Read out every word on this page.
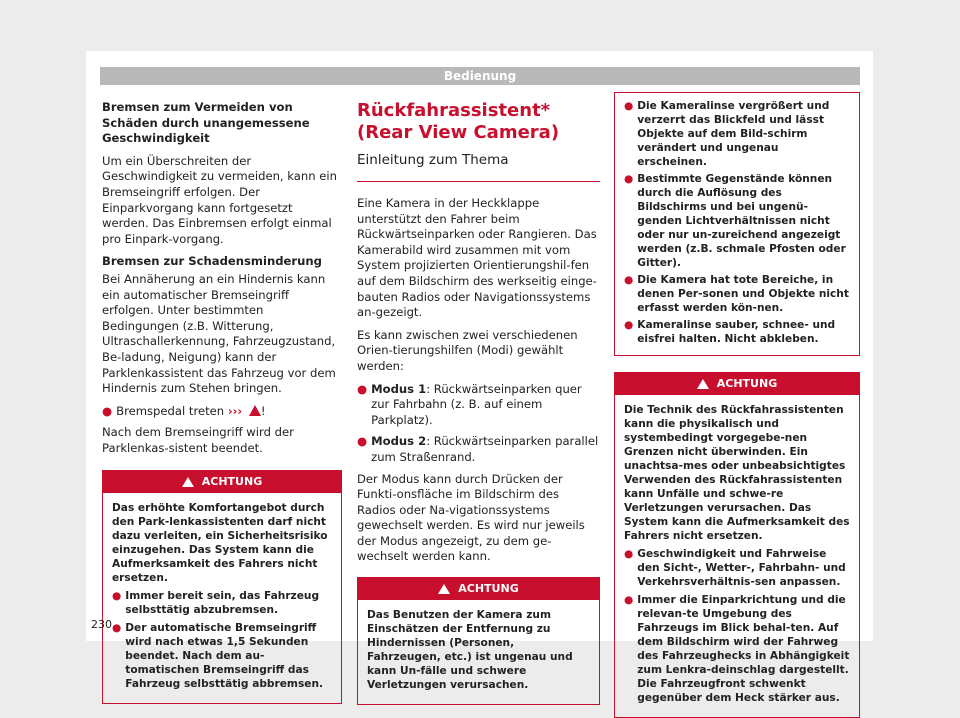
Bedienung

Bremsen zum Vermeiden von Schäden durch unangemessene Geschwindigkeit

Um ein Überschreiten der Geschwindigkeit zu vermeiden, kann ein Bremseingriff erfolgen. Der Einparkvorgang kann fortgesetzt werden. Das Einbremsen erfolgt einmal pro Einpark-vorgang.

Bremsen zur Schadensminderung

Bei Annäherung an ein Hindernis kann ein automatischer Bremseingriff erfolgen. Unter bestimmten Bedingungen (z.B. Witterung, Ultraschallerkennung, Fahrzeugzustand, Be-ladung, Neigung) kann der Parklenkassistent das Fahrzeug vor dem Hindernis zum Stehen bringen.

● Bremspedal treten ››› !

Nach dem Bremseingriff wird der Parklenkas-sistent beendet.

ACHTUNG

Das erhöhte Komfortangebot durch den Park-lenkassistenten darf nicht dazu verleiten, ein Sicherheitsrisiko einzugehen. Das System kann die Aufmerksamkeit des Fahrers nicht ersetzen.

● Immer bereit sein, das Fahrzeug selbsttätig abzubremsen.
● Der automatische Bremseingriff wird nach etwas 1,5 Sekunden beendet. Nach dem au-tomatischen Bremseingriff das Fahrzeug selbsttätig abbremsen.
Rückfahrassistent* (Rear View Camera)
Einleitung zum Thema

Eine Kamera in der Heckklappe unterstützt den Fahrer beim Rückwärtseinparken oder Rangieren. Das Kamerabild wird zusammen mit vom System projizierten Orientierungshil-fen auf dem Bildschirm des werkseitig einge-bauten Radios oder Navigationssystems an-gezeigt.

Es kann zwischen zwei verschiedenen Orien-tierungshilfen (Modi) gewählt werden:

● Modus 1: Rückwärtseinparken quer zur Fahrbahn (z. B. auf einem Parkplatz).
● Modus 2: Rückwärtseinparken parallel zum Straßenrand.

Der Modus kann durch Drücken der Funkti-onsfläche im Bildschirm des Radios oder Na-vigationssystems gewechselt werden. Es wird nur jeweils der Modus angezeigt, zu dem ge-wechselt werden kann.

ACHTUNG

Das Benutzen der Kamera zum Einschätzen der Entfernung zu Hindernissen (Personen, Fahrzeugen, etc.) ist ungenau und kann Un-fälle und schwere Verletzungen verursachen.

● Die Kameralinse vergrößert und verzerrt das Blickfeld und lässt Objekte auf dem Bild-schirm verändert und ungenau erscheinen.
● Bestimmte Gegenstände können durch die Auflösung des Bildschirms und bei ungenü-genden Lichtverhältnissen nicht oder nur un-zureichend angezeigt werden (z.B. schmale Pfosten oder Gitter).
● Die Kamera hat tote Bereiche, in denen Per-sonen und Objekte nicht erfasst werden kön-nen.
● Kameralinse sauber, schnee- und eisfrei halten. Nicht abkleben.
ACHTUNG

Die Technik des Rückfahrassistenten kann die physikalisch und systembedingt vorgegebe-nen Grenzen nicht überwinden. Ein unachtsa-mes oder unbeabsichtigtes Verwenden des Rückfahrassistenten kann Unfälle und schwe-re Verletzungen verursachen. Das System kann die Aufmerksamkeit des Fahrers nicht ersetzen.

● Geschwindigkeit und Fahrweise den Sicht-, Wetter-, Fahrbahn- und Verkehrsverhältnis-sen anpassen.
● Immer die Einparkrichtung und die relevan-te Umgebung des Fahrzeugs im Blick behal-ten. Auf dem Bildschirm wird der Fahrweg des Fahrzeughecks in Abhängigkeit zum Lenkra-deinschlag dargestellt. Die Fahrzeugfront schwenkt gegenüber dem Heck stärker aus.
230
